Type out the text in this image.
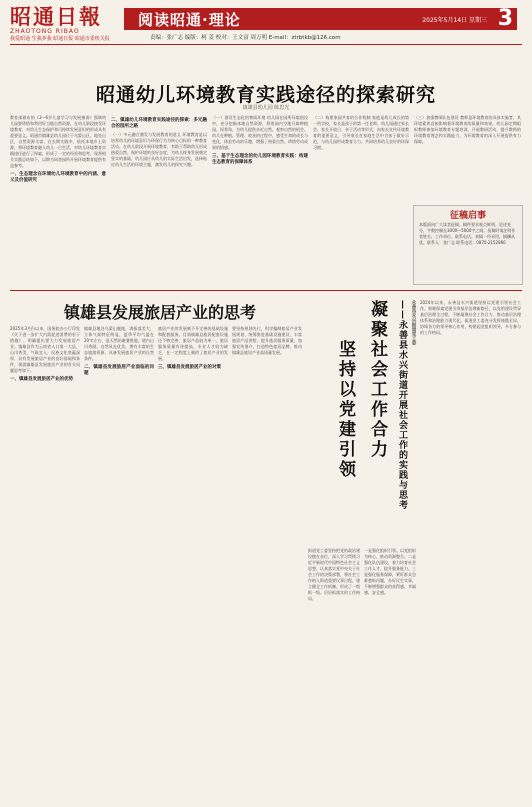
昭通日報
ZHAOTONG RIBAO
我爱昭通 生我养我 昭通日报 昭通市委机关报
阅读昭通·理论	2025年5月14日 星期三 3
责编：张广志 编版：柯 姜 校对：王文富 周万明 E-mail：ztrbtkb@126.com
昭通幼儿环境教育实践途径的探索研究
镇雄县幼儿园 陈思光
教育部颁布的《3—6岁儿童学习与发展指南》强调幼儿园要珍惜和利用好当地自然资源，在幼儿阶段接受环境教育，对幼儿生态保护和可持续发展意识的形成具有重要意义。昭通市镇雄县幼儿园位于乌蒙山区，地处山区，自然资源丰富，在长期实践中，依托本地乡土资源，将环境教育融入幼儿一日生活，对幼儿环境教育实践途径进行了探索，形成了一定的经验和思考，现将相关实践总结如下，以期为同类园所开展环境教育提供有益参考。
一、生态理念在环境幼儿环境教育中的内涵、意义及价值研究
二、镇雄幼儿环境教育实践途径的探索：多元融合的园所之路
（一）多元融合激发与发展教育的意义 环境教育是以培养幼儿的环境意识与环保行为为核心目标的一种教育活动。在幼儿阶段开展环境教育，有助于帮助幼儿形成热爱自然、保护环境的良好态度，为幼儿终身发展奠定坚实的基础。幼儿园应从幼儿的实际生活出发，选择贴近幼儿生活的环境主题，激发幼儿的探究兴趣。
（一）创设生态化的物质环境 幼儿园在园所环境创设中，充分挖掘本地自然资源，利用园内空地开辟种植园、饲养角，为幼儿提供亲近自然、观察自然的机会。幼儿在种植、管理、收获的过程中，感受生命的成长与变化，体验劳动的乐趣，增强了热爱自然、珍惜劳动成果的情感。
三、基于生态理念的幼儿园环境教育实践：构建生态教育的保障体系
（二）构建家园共育的合作机制 家庭是幼儿成长的第一所学校，家长是孩子的第一任老师。幼儿园通过家长会、家长开放日、亲子活动等形式，向家长宣传环境教育的重要意义，引导家长在家庭生活中为孩子做好示范，与幼儿园形成教育合力，共同培养幼儿良好的环保习惯。
（三）加强教师队伍建设 教师是环境教育的具体实施者，其环境素养直接影响着环境教育的质量和效果。幼儿园定期组织教师参加环境教育专题培训，开展教研活动，提升教师的环境教育理念和实践能力，为环境教育的深入开展提供有力保障。
征稿启事
本版面向广大读者征稿，稿件要求观点鲜明、论述充分，字数控制在3000—5000字之间。投稿时请注明作者姓名、工作单位、联系电话。来稿一经采用，稿酬从优。联系人：张广志 联系电话：0870-2152866
镇雄县发展旅居产业的思考
2025年3月份以来，国务院办公厅印发《关于进一步扩大内需促进消费的若干措施》，明确提出要大力发展旅居产业。镇雄县作为云南省人口第一大县，山川秀美，气候宜人，民族文化底蕴深厚，具有发展旅居产业的良好基础和条件，现就镇雄县发展旅居产业的有关问题思考如下。
一、镇雄县发展旅居产业的优势
镇雄县地处乌蒙山腹地，海拔落差大，立体气候特征明显，夏季平均气温在20℃左右，是天然的避暑胜地。境内山川秀丽，自然风光优美，拥有丰富的生态旅游资源，具备发展旅居产业的自然条件。
二、镇雄县发展旅居产业面临的问题
旅居产业的发展离不开完善的基础设施和配套服务。目前镇雄县旅居配套设施还不够完善，旅居产品较为单一，旅居服务质量有待提高，专业人才较为缺乏，在一定程度上制约了旅居产业的发展。
三、镇雄县发展旅居产业的对策
要坚持规划先行，科学编制旅居产业发展规划，统筹推进基础设施建设，丰富旅居产品供给，提升旅居服务质量，加强宣传推介，打造特色旅居品牌，推动镇雄县旅居产业高质量发展。	凝聚社会工作合力
坚持以党建引领	——永善县水兴街道开展社会工作的实践与思考 永善县水兴街道党工委 2024年以来，永善县水兴街道坚持以党建引领社会工作，积极探索党建引领基层治理新路径，以党的建设贯穿基层治理全过程，不断凝聚社会工作合力，推动基层治理体系和治理能力现代化。街道党工委充分发挥统揽全局、协调各方的领导核心作用，构建起党组织领导、多方参与的工作格局。
街道党工委坚持把党的政治建设摆在首位，深入学习贯彻习近平新时代中国特色社会主义思想，认真落实党中央关于社会工作的决策部署，将社会工作纳入街道重要议事日程，建立健全工作机制，形成了一级抓一级、层层抓落实的工作格局。
一是强化组织引领。以党组织为核心，推动资源整合。二是强化队伍建设，着力培育社会工作人才，提升服务能力。三是强化服务保障，紧盯群众急难愁盼问题，办好民生实事，不断增强群众的获得感、幸福感、安全感。
